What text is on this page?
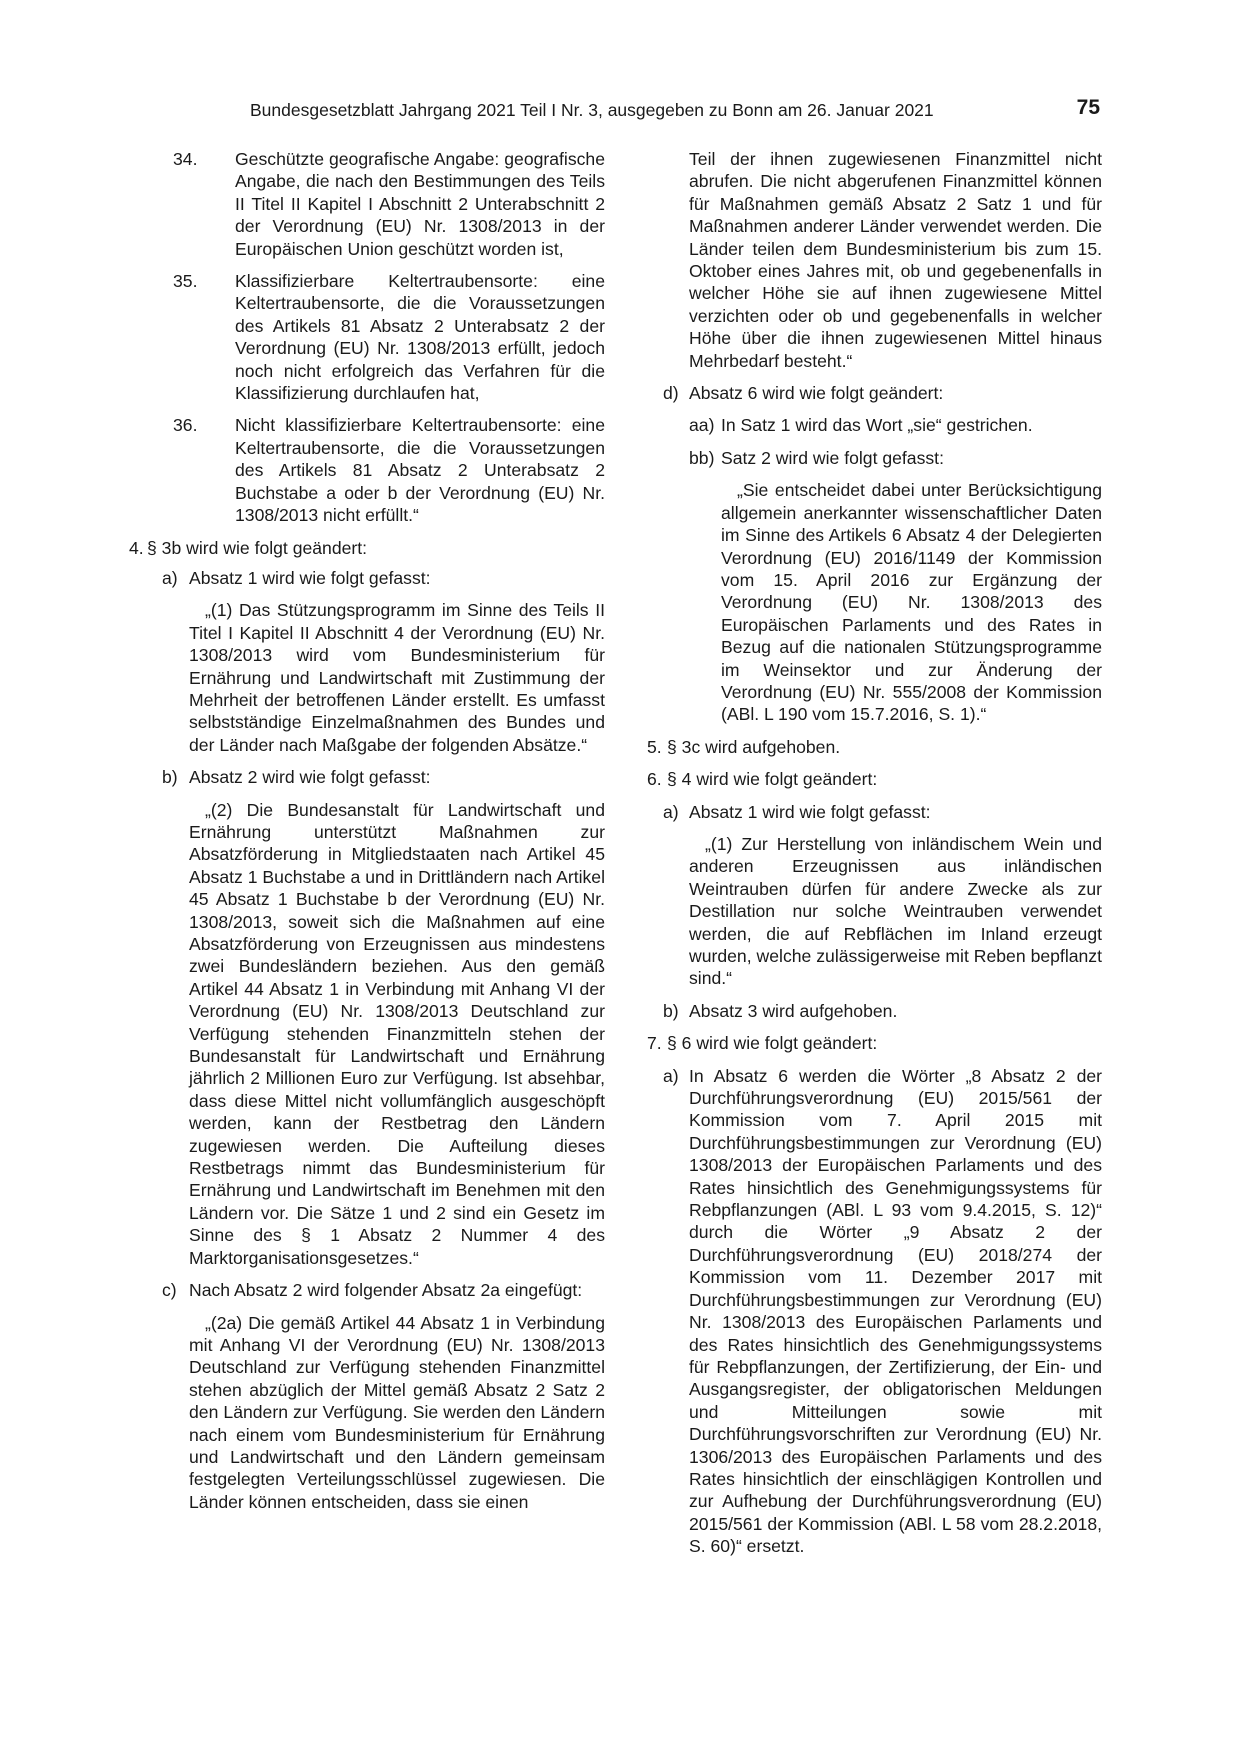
Bundesgesetzblatt Jahrgang 2021 Teil I Nr. 3, ausgegeben zu Bonn am 26. Januar 2021	75
34. Geschützte geografische Angabe: geografische Angabe, die nach den Bestimmungen des Teils II Titel II Kapitel I Abschnitt 2 Unterabschnitt 2 der Verordnung (EU) Nr. 1308/2013 in der Europäischen Union geschützt worden ist,
35. Klassifizierbare Keltertraubensorte: eine Keltertraubensorte, die die Voraussetzungen des Artikels 81 Absatz 2 Unterabsatz 2 der Verordnung (EU) Nr. 1308/2013 erfüllt, jedoch noch nicht erfolgreich das Verfahren für die Klassifizierung durchlaufen hat,
36. Nicht klassifizierbare Keltertraubensorte: eine Keltertraubensorte, die die Voraussetzungen des Artikels 81 Absatz 2 Unterabsatz 2 Buchstabe a oder b der Verordnung (EU) Nr. 1308/2013 nicht erfüllt.“
4. § 3b wird wie folgt geändert:
a) Absatz 1 wird wie folgt gefasst:
„(1) Das Stützungsprogramm im Sinne des Teils II Titel I Kapitel II Abschnitt 4 der Verordnung (EU) Nr. 1308/2013 wird vom Bundesministerium für Ernährung und Landwirtschaft mit Zustimmung der Mehrheit der betroffenen Länder erstellt. Es umfasst selbstständige Einzelmaßnahmen des Bundes und der Länder nach Maßgabe der folgenden Absätze.“
b) Absatz 2 wird wie folgt gefasst:
„(2) Die Bundesanstalt für Landwirtschaft und Ernährung unterstützt Maßnahmen zur Absatzförderung in Mitgliedstaaten nach Artikel 45 Absatz 1 Buchstabe a und in Drittländern nach Artikel 45 Absatz 1 Buchstabe b der Verordnung (EU) Nr. 1308/2013, soweit sich die Maßnahmen auf eine Absatzförderung von Erzeugnissen aus mindestens zwei Bundesländern beziehen. Aus den gemäß Artikel 44 Absatz 1 in Verbindung mit Anhang VI der Verordnung (EU) Nr. 1308/2013 Deutschland zur Verfügung stehenden Finanzmitteln stehen der Bundesanstalt für Landwirtschaft und Ernährung jährlich 2 Millionen Euro zur Verfügung. Ist absehbar, dass diese Mittel nicht vollumfänglich ausgeschöpft werden, kann der Restbetrag den Ländern zugewiesen werden. Die Aufteilung dieses Restbetrags nimmt das Bundesministerium für Ernährung und Landwirtschaft im Benehmen mit den Ländern vor. Die Sätze 1 und 2 sind ein Gesetz im Sinne des § 1 Absatz 2 Nummer 4 des Marktorganisationsgesetzes.“
c) Nach Absatz 2 wird folgender Absatz 2a eingefügt:
„(2a) Die gemäß Artikel 44 Absatz 1 in Verbindung mit Anhang VI der Verordnung (EU) Nr. 1308/2013 Deutschland zur Verfügung stehenden Finanzmittel stehen abzüglich der Mittel gemäß Absatz 2 Satz 2 den Ländern zur Verfügung. Sie werden den Ländern nach einem vom Bundesministerium für Ernährung und Landwirtschaft und den Ländern gemeinsam festgelegten Verteilungsschlüssel zugewiesen. Die Länder können entscheiden, dass sie einen
Teil der ihnen zugewiesenen Finanzmittel nicht abrufen. Die nicht abgerufenen Finanzmittel können für Maßnahmen gemäß Absatz 2 Satz 1 und für Maßnahmen anderer Länder verwendet werden. Die Länder teilen dem Bundesministerium bis zum 15. Oktober eines Jahres mit, ob und gegebenenfalls in welcher Höhe sie auf ihnen zugewiesene Mittel verzichten oder ob und gegebenenfalls in welcher Höhe über die ihnen zugewiesenen Mittel hinaus Mehrbedarf besteht.“
d) Absatz 6 wird wie folgt geändert:
aa) In Satz 1 wird das Wort „sie“ gestrichen.
bb) Satz 2 wird wie folgt gefasst:
„Sie entscheidet dabei unter Berücksichtigung allgemein anerkannter wissenschaftlicher Daten im Sinne des Artikels 6 Absatz 4 der Delegierten Verordnung (EU) 2016/1149 der Kommission vom 15. April 2016 zur Ergänzung der Verordnung (EU) Nr. 1308/2013 des Europäischen Parlaments und des Rates in Bezug auf die nationalen Stützungsprogramme im Weinsektor und zur Änderung der Verordnung (EU) Nr. 555/2008 der Kommission (ABl. L 190 vom 15.7.2016, S. 1).“
5. § 3c wird aufgehoben.
6. § 4 wird wie folgt geändert:
a) Absatz 1 wird wie folgt gefasst:
„(1) Zur Herstellung von inländischem Wein und anderen Erzeugnissen aus inländischen Weintrauben dürfen für andere Zwecke als zur Destillation nur solche Weintrauben verwendet werden, die auf Rebflächen im Inland erzeugt wurden, welche zulässigerweise mit Reben bepflanzt sind.“
b) Absatz 3 wird aufgehoben.
7. § 6 wird wie folgt geändert:
a) In Absatz 6 werden die Wörter „8 Absatz 2 der Durchführungsverordnung (EU) 2015/561 der Kommission vom 7. April 2015 mit Durchführungsbestimmungen zur Verordnung (EU) 1308/2013 der Europäischen Parlaments und des Rates hinsichtlich des Genehmigungssystems für Rebpflanzungen (ABl. L 93 vom 9.4.2015, S. 12)“ durch die Wörter „9 Absatz 2 der Durchführungsverordnung (EU) 2018/274 der Kommission vom 11. Dezember 2017 mit Durchführungsbestimmungen zur Verordnung (EU) Nr. 1308/2013 des Europäischen Parlaments und des Rates hinsichtlich des Genehmigungssystems für Rebpflanzungen, der Zertifizierung, der Ein- und Ausgangsregister, der obligatorischen Meldungen und Mitteilungen sowie mit Durchführungsvorschriften zur Verordnung (EU) Nr. 1306/2013 des Europäischen Parlaments und des Rates hinsichtlich der einschlägigen Kontrollen und zur Aufhebung der Durchführungsverordnung (EU) 2015/561 der Kommission (ABl. L 58 vom 28.2.2018, S. 60)“ ersetzt.
